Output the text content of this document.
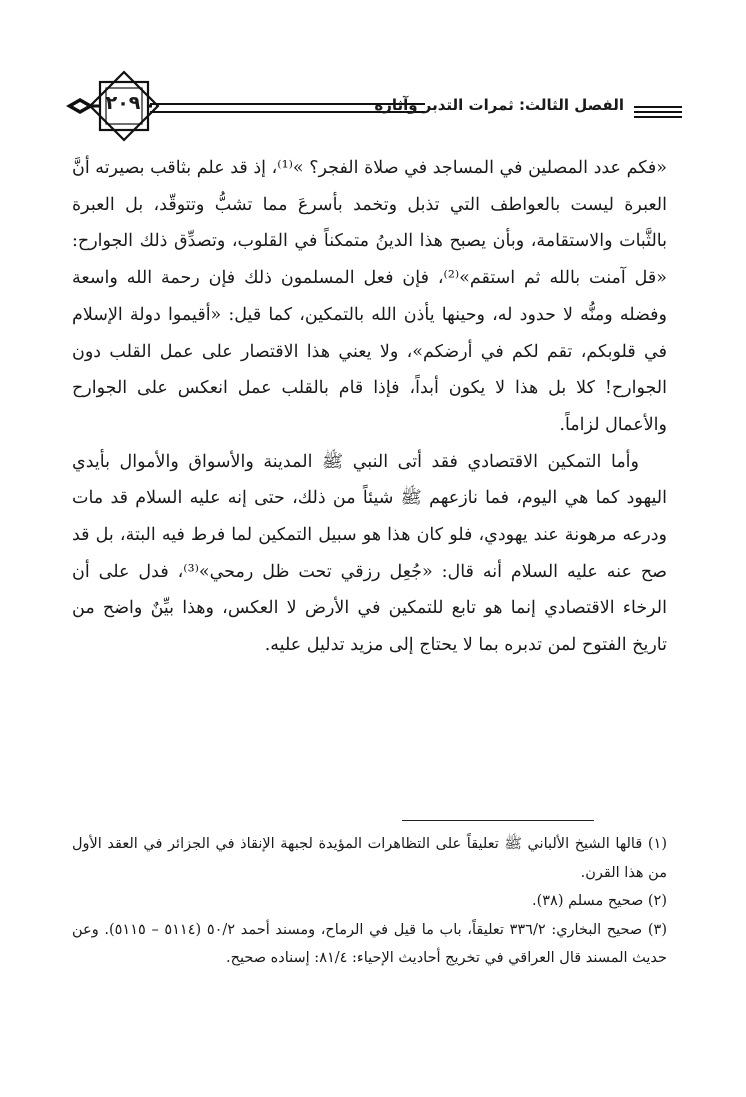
٢٠٩	الفصل الثالث: ثمرات التدبر وآثاره

«فكم عدد المصلين في المساجد في صلاة الفجر؟ »⁽¹⁾، إذ قد علم بثاقب بصيرته أنَّ العبرة ليست بالعواطف التي تذبل وتخمد بأسرعَ مما تشبُّ وتتوقّد، بل العبرة بالثَّبات والاستقامة، وبأن يصبح هذا الدينُ متمكناً في القلوب، وتصدِّق ذلك الجوارح: «قل آمنت بالله ثم استقم»⁽²⁾، فإن فعل المسلمون ذلك فإن رحمة الله واسعة وفضله ومنُّه لا حدود له، وحينها يأذن الله بالتمكين، كما قيل: «أقيموا دولة الإسلام في قلوبكم، تقم لكم في أرضكم»، ولا يعني هذا الاقتصار على عمل القلب دون الجوارح! كلا بل هذا لا يكون أبداً، فإذا قام بالقلب عمل انعكس على الجوارح والأعمال لزاماً.

وأما التمكين الاقتصادي فقد أتى النبي ﷺ المدينة والأسواق والأموال بأيدي اليهود كما هي اليوم، فما نازعهم ﷺ شيئاً من ذلك، حتى إنه عليه السلام قد مات ودرعه مرهونة عند يهودي، فلو كان هذا هو سبيل التمكين لما فرط فيه البتة، بل قد صح عنه عليه السلام أنه قال: «جُعِل رزقي تحت ظل رمحي»⁽³⁾، فدل على أن الرخاء الاقتصادي إنما هو تابع للتمكين في الأرض لا العكس، وهذا بيِّنٌ واضح من تاريخ الفتوح لمن تدبره بما لا يحتاج إلى مزيد تدليل عليه.

(١) قالها الشيخ الألباني ﷺ تعليقاً على التظاهرات المؤيدة لجبهة الإنقاذ في الجزائر في العقد الأول من هذا القرن.

(٢) صحيح مسلم (٣٨).

(٣) صحيح البخاري: ٣٣٦/٢ تعليقاً، باب ما قيل في الرماح، ومسند أحمد ٥٠/٢ (٥١١٤ – ٥١١٥). وعن حديث المسند قال العراقي في تخريج أحاديث الإحياء: ٨١/٤: إسناده صحيح.
